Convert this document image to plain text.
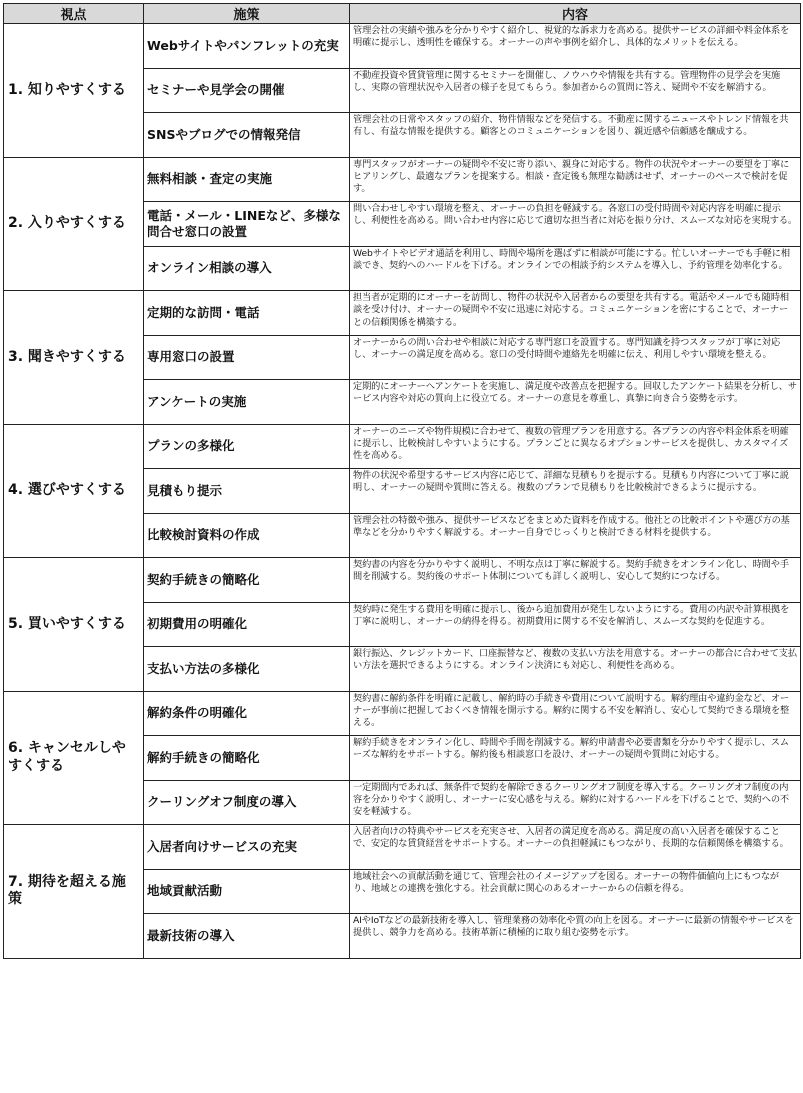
視点	施策	内容
1. 知りやすくする	Webサイトやパンフレットの充実	管理会社の実績や強みを分かりやすく紹介し、視覚的な訴求力を高める。提供サービスの詳細や料金体系を明確に提示し、透明性を確保する。オーナーの声や事例を紹介し、具体的なメリットを伝える。
	セミナーや見学会の開催	不動産投資や賃貸管理に関するセミナーを開催し、ノウハウや情報を共有する。管理物件の見学会を実施し、実際の管理状況や入居者の様子を見てもらう。参加者からの質問に答え、疑問や不安を解消する。
	SNSやブログでの情報発信	管理会社の日常やスタッフの紹介、物件情報などを発信する。不動産に関するニュースやトレンド情報を共有し、有益な情報を提供する。顧客とのコミュニケーションを図り、親近感や信頼感を醸成する。
2. 入りやすくする	無料相談・査定の実施	専門スタッフがオーナーの疑問や不安に寄り添い、親身に対応する。物件の状況やオーナーの要望を丁寧にヒアリングし、最適なプランを提案する。相談・査定後も無理な勧誘はせず、オーナーのペースで検討を促す。
	電話・メール・LINEなど、多様な問合せ窓口の設置	問い合わせしやすい環境を整え、オーナーの負担を軽減する。各窓口の受付時間や対応内容を明確に提示し、利便性を高める。問い合わせ内容に応じて適切な担当者に対応を振り分け、スムーズな対応を実現する。
	オンライン相談の導入	Webサイトやビデオ通話を利用し、時間や場所を選ばずに相談が可能にする。忙しいオーナーでも手軽に相談でき、契約へのハードルを下げる。オンラインでの相談予約システムを導入し、予約管理を効率化する。
3. 聞きやすくする	定期的な訪問・電話	担当者が定期的にオーナーを訪問し、物件の状況や入居者からの要望を共有する。電話やメールでも随時相談を受け付け、オーナーの疑問や不安に迅速に対応する。コミュニケーションを密にすることで、オーナーとの信頼関係を構築する。
	専用窓口の設置	オーナーからの問い合わせや相談に対応する専門窓口を設置する。専門知識を持つスタッフが丁寧に対応し、オーナーの満足度を高める。窓口の受付時間や連絡先を明確に伝え、利用しやすい環境を整える。
	アンケートの実施	定期的にオーナーへアンケートを実施し、満足度や改善点を把握する。回収したアンケート結果を分析し、サービス内容や対応の質向上に役立てる。オーナーの意見を尊重し、真摯に向き合う姿勢を示す。
4. 選びやすくする	プランの多様化	オーナーのニーズや物件規模に合わせて、複数の管理プランを用意する。各プランの内容や料金体系を明確に提示し、比較検討しやすいようにする。プランごとに異なるオプションサービスを提供し、カスタマイズ性を高める。
	見積もり提示	物件の状況や希望するサービス内容に応じて、詳細な見積もりを提示する。見積もり内容について丁寧に説明し、オーナーの疑問や質問に答える。複数のプランで見積もりを比較検討できるように提示する。
	比較検討資料の作成	管理会社の特徴や強み、提供サービスなどをまとめた資料を作成する。他社との比較ポイントや選び方の基準などを分かりやすく解説する。オーナー自身でじっくりと検討できる材料を提供する。
5. 買いやすくする	契約手続きの簡略化	契約書の内容を分かりやすく説明し、不明な点は丁寧に解説する。契約手続きをオンライン化し、時間や手間を削減する。契約後のサポート体制についても詳しく説明し、安心して契約につなげる。
	初期費用の明確化	契約時に発生する費用を明確に提示し、後から追加費用が発生しないようにする。費用の内訳や計算根拠を丁寧に説明し、オーナーの納得を得る。初期費用に関する不安を解消し、スムーズな契約を促進する。
	支払い方法の多様化	銀行振込、クレジットカード、口座振替など、複数の支払い方法を用意する。オーナーの都合に合わせて支払い方法を選択できるようにする。オンライン決済にも対応し、利便性を高める。
6. キャンセルしやすくする	解約条件の明確化	契約書に解約条件を明確に記載し、解約時の手続きや費用について説明する。解約理由や違約金など、オーナーが事前に把握しておくべき情報を開示する。解約に関する不安を解消し、安心して契約できる環境を整える。
	解約手続きの簡略化	解約手続きをオンライン化し、時間や手間を削減する。解約申請書や必要書類を分かりやすく提示し、スムーズな解約をサポートする。解約後も相談窓口を設け、オーナーの疑問や質問に対応する。
	クーリングオフ制度の導入	一定期間内であれば、無条件で契約を解除できるクーリングオフ制度を導入する。クーリングオフ制度の内容を分かりやすく説明し、オーナーに安心感を与える。解約に対するハードルを下げることで、契約への不安を軽減する。
7. 期待を超える施策	入居者向けサービスの充実	入居者向けの特典やサービスを充実させ、入居者の満足度を高める。満足度の高い入居者を確保することで、安定的な賃貸経営をサポートする。オーナーの負担軽減にもつながり、長期的な信頼関係を構築する。
	地域貢献活動	地域社会への貢献活動を通じて、管理会社のイメージアップを図る。オーナーの物件価値向上にもつながり、地域との連携を強化する。社会貢献に関心のあるオーナーからの信頼を得る。
	最新技術の導入	AIやIoTなどの最新技術を導入し、管理業務の効率化や質の向上を図る。オーナーに最新の情報やサービスを提供し、競争力を高める。技術革新に積極的に取り組む姿勢を示す。
